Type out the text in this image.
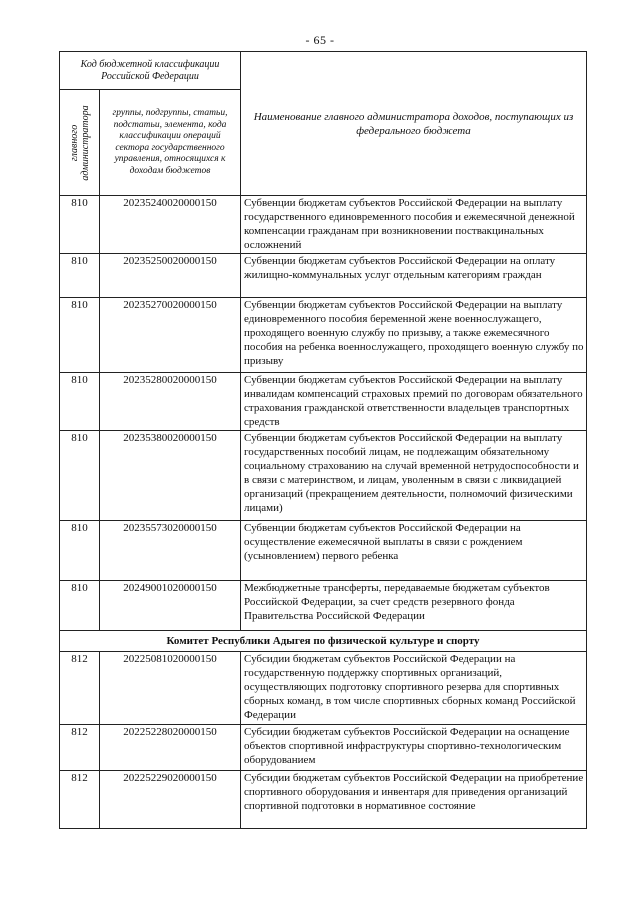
- 65 -
Код бюджетной классификации Российской Федерации		Наименование главного администратора доходов, поступающих из федерального бюджета

главного администратора	группы, подгруппы, статьи, подстатьи, элемента, кода классификации операций сектора государственного управления, относящихся к доходам бюджетов	
810	20235240020000150	Субвенции бюджетам субъектов Российской Федерации на выплату государственного единовременного пособия и ежемесячной денежной компенсации гражданам при возникновении поствакцинальных осложнений
810	20235250020000150	Субвенции бюджетам субъектов Российской Федерации на оплату жилищно-коммунальных услуг отдельным категориям граждан
810	20235270020000150	Субвенции бюджетам субъектов Российской Федерации на выплату единовременного пособия беременной жене военнослужащего, проходящего военную службу по призыву, а также ежемесячного пособия на ребенка военнослужащего, проходящего военную службу по призыву
810	20235280020000150	Субвенции бюджетам субъектов Российской Федерации на выплату инвалидам компенсаций страховых премий по договорам обязательного страхования гражданской ответственности владельцев транспортных средств
810	20235380020000150	Субвенции бюджетам субъектов Российской Федерации на выплату государственных пособий лицам, не подлежащим обязательному социальному страхованию на случай временной нетрудоспособности и в связи с материнством, и лицам, уволенным в связи с ликвидацией организаций (прекращением деятельности, полномочий физическими лицами)
810	20235573020000150	Субвенции бюджетам субъектов Российской Федерации на осуществление ежемесячной выплаты в связи с рождением (усыновлением) первого ребенка
810	20249001020000150	Межбюджетные трансферты, передаваемые бюджетам субъектов Российской Федерации, за счет средств резервного фонда Правительства Российской Федерации
Комитет Республики Адыгея по физической культуре и спорту		
812	20225081020000150	Субсидии бюджетам субъектов Российской Федерации на государственную поддержку спортивных организаций, осуществляющих подготовку спортивного резерва для спортивных сборных команд, в том числе спортивных сборных команд Российской Федерации
812	20225228020000150	Субсидии бюджетам субъектов Российской Федерации на оснащение объектов спортивной инфраструктуры спортивно-технологическим оборудованием
812	20225229020000150	Субсидии бюджетам субъектов Российской Федерации на приобретение спортивного оборудования и инвентаря для приведения организаций спортивной подготовки в нормативное состояние
